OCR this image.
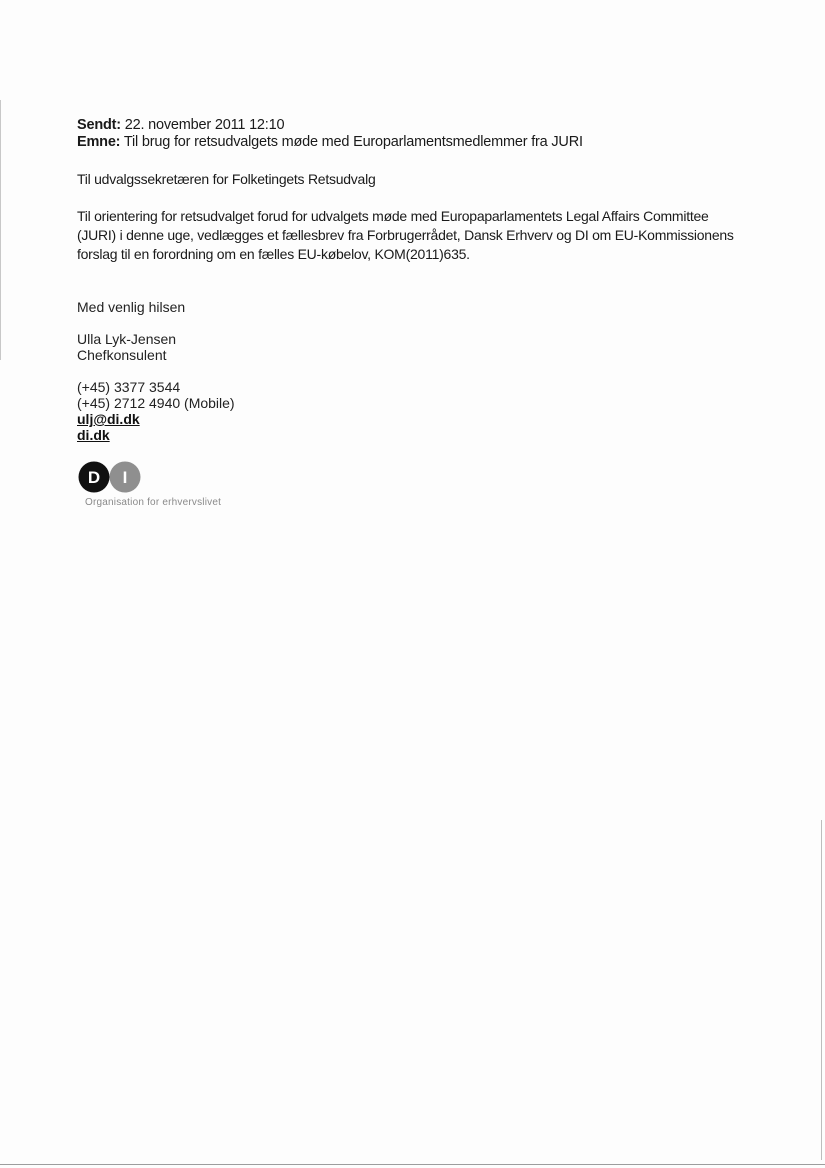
Sendt: 22. november 2011 12:10
Emne: Til brug for retsudvalgets møde med Europarlamentsmedlemmer fra JURI
Til udvalgssekretæren for Folketingets Retsudvalg
Til orientering for retsudvalget forud for udvalgets møde med Europaparlamentets Legal Affairs Committee
(JURI) i denne uge, vedlægges et fællesbrev fra Forbrugerrådet, Dansk Erhverv og DI om EU-Kommissionens
forslag til en forordning om en fælles EU-købelov, KOM(2011)635.
Med venlig hilsen
Ulla Lyk-Jensen
Chefkonsulent
(+45) 3377 3544
(+45) 2712 4940 (Mobile)
ulj@di.dk
di.dk
D I
Organisation for erhvervslivet
